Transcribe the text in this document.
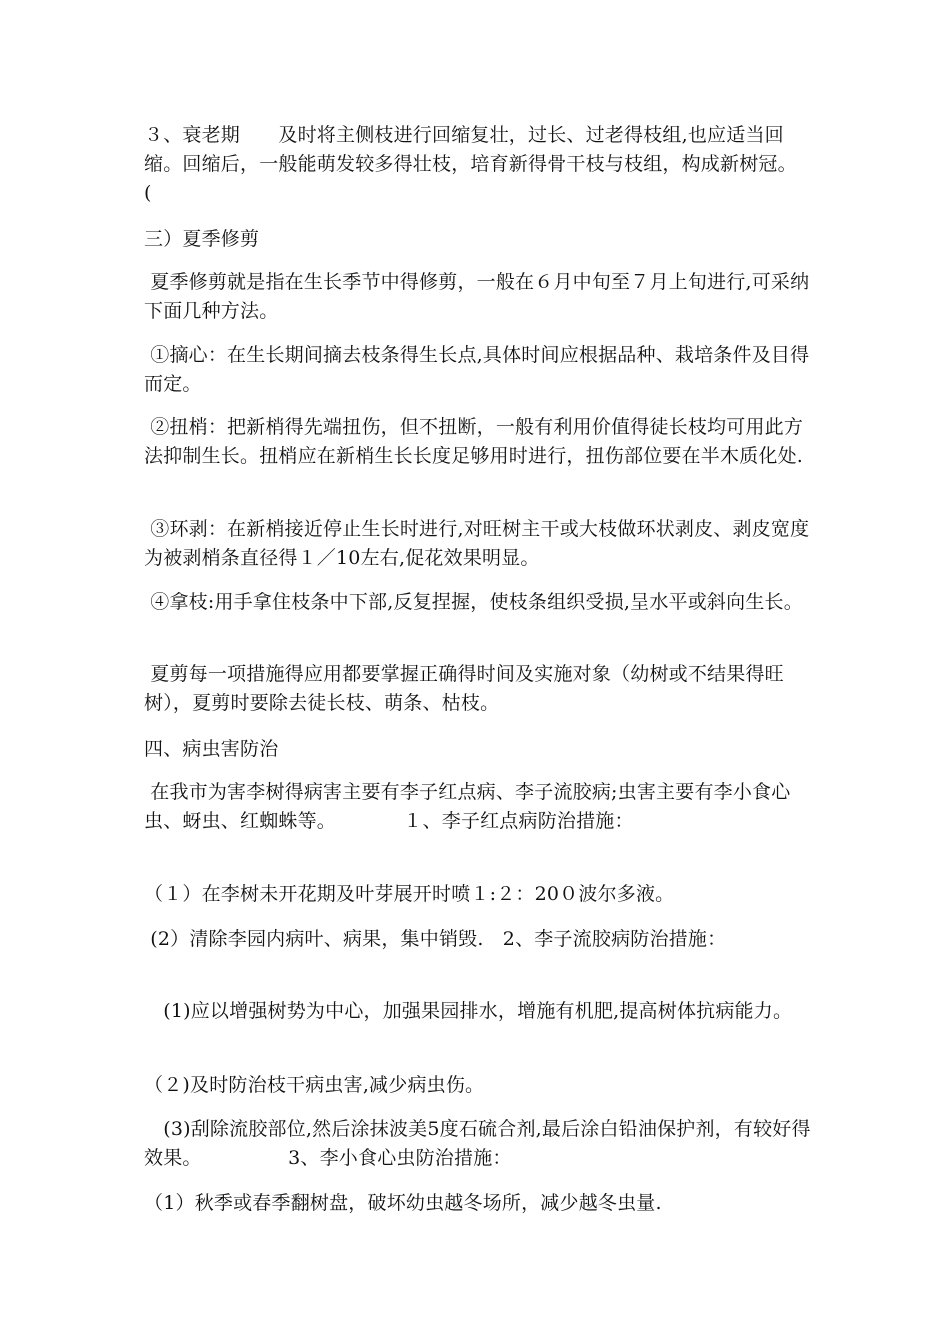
３、衰老期　　及时将主侧枝进行回缩复壮，过长、过老得枝组,也应适当回缩。回缩后，一般能萌发较多得壮枝，培育新得骨干枝与枝组，构成新树冠。　　　　(

三）夏季修剪

夏季修剪就是指在生长季节中得修剪，一般在６月中旬至７月上旬进行,可采纳下面几种方法。

①摘心：在生长期间摘去枝条得生长点,具体时间应根据品种、栽培条件及目得而定。

②扭梢：把新梢得先端扭伤，但不扭断，一般有利用价值得徒长枝均可用此方法抑制生长。扭梢应在新梢生长长度足够用时进行，扭伤部位要在半木质化处.

③环剥：在新梢接近停止生长时进行,对旺树主干或大枝做环状剥皮、剥皮宽度为被剥梢条直径得１／10左右,促花效果明显。

④拿枝:用手拿住枝条中下部,反复捏握，使枝条组织受损,呈水平或斜向生长。

夏剪每一项措施得应用都要掌握正确得时间及实施对象（幼树或不结果得旺树），夏剪时要除去徒长枝、萌条、枯枝。

四、病虫害防治

在我市为害李树得病害主要有李子红点病、李子流胶病;虫害主要有李小食心虫、蚜虫、红蜘蛛等。　　　　１、李子红点病防治措施：

（１）在李树未开花期及叶芽展开时喷１:２：20０波尔多液。

(2）清除李园内病叶、病果，集中销毁.　2、李子流胶病防治措施：

　(1)应以增强树势为中心，加强果园排水，增施有机肥,提高树体抗病能力。

（２)及时防治枝干病虫害,减少病虫伤。

　(3)刮除流胶部位,然后涂抹波美5度石硫合剂,最后涂白铅油保护剂，有较好得效果。　　　　　3、李小食心虫防治措施：

（1）秋季或春季翻树盘，破坏幼虫越冬场所，减少越冬虫量.
